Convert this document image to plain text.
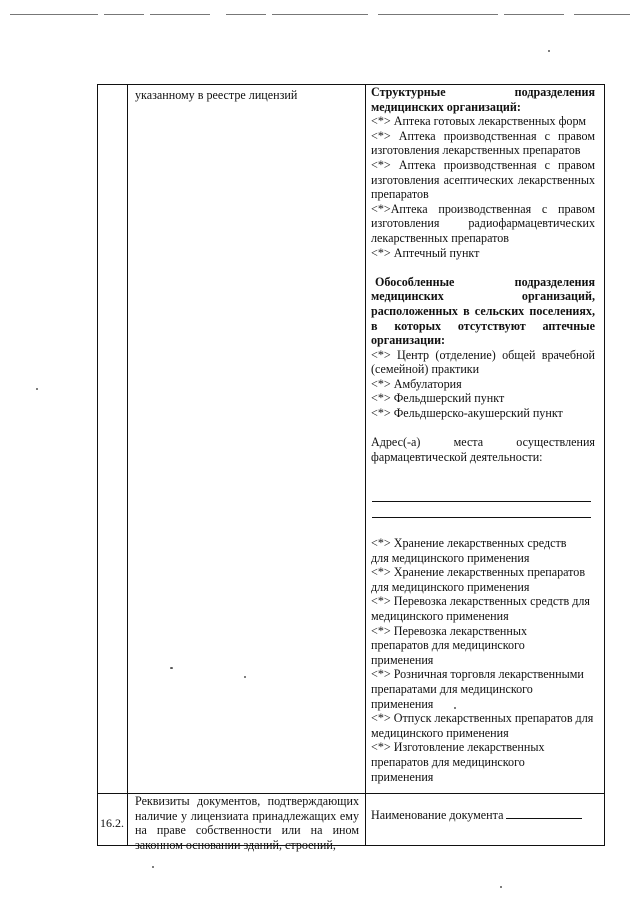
указанному в реестре лицензий	Структурные подразделения медицинских организаций:

<*> Аптека готовых лекарственных форм

<*> Аптека производственная с правом изготовления лекарственных препаратов

<*> Аптека производственная с правом изготовления асептических лекарственных препаратов

<*>Аптека производственная с правом изготовления радиофармацевтических лекарственных препаратов

<*> Аптечный пункт

Обособленные подразделения медицинских организаций, расположенных в сельских поселениях, в которых отсутствуют аптечные организации:

<*> Центр (отделение) общей врачебной (семейной) практики

<*> Амбулатория

<*> Фельдшерский пункт

<*> Фельдшерско-акушерский пункт

Адрес(-а) места осуществления фармацевтической деятельности:

<*> Хранение лекарственных средств для медицинского применения

<*> Хранение лекарственных препаратов для медицинского применения

<*> Перевозка лекарственных средств для медицинского применения

<*> Перевозка лекарственных препаратов для медицинского применения

<*> Розничная торговля лекарственными препаратами для медицинского применения

<*> Отпуск лекарственных препаратов для медицинского применения

<*> Изготовление лекарственных препаратов для медицинского применения

16.2.
Реквизиты документов, подтверждающих наличие у лицензиата принадлежащих ему на праве собственности или на ином законном основании зданий, строений,
Наименование документа
